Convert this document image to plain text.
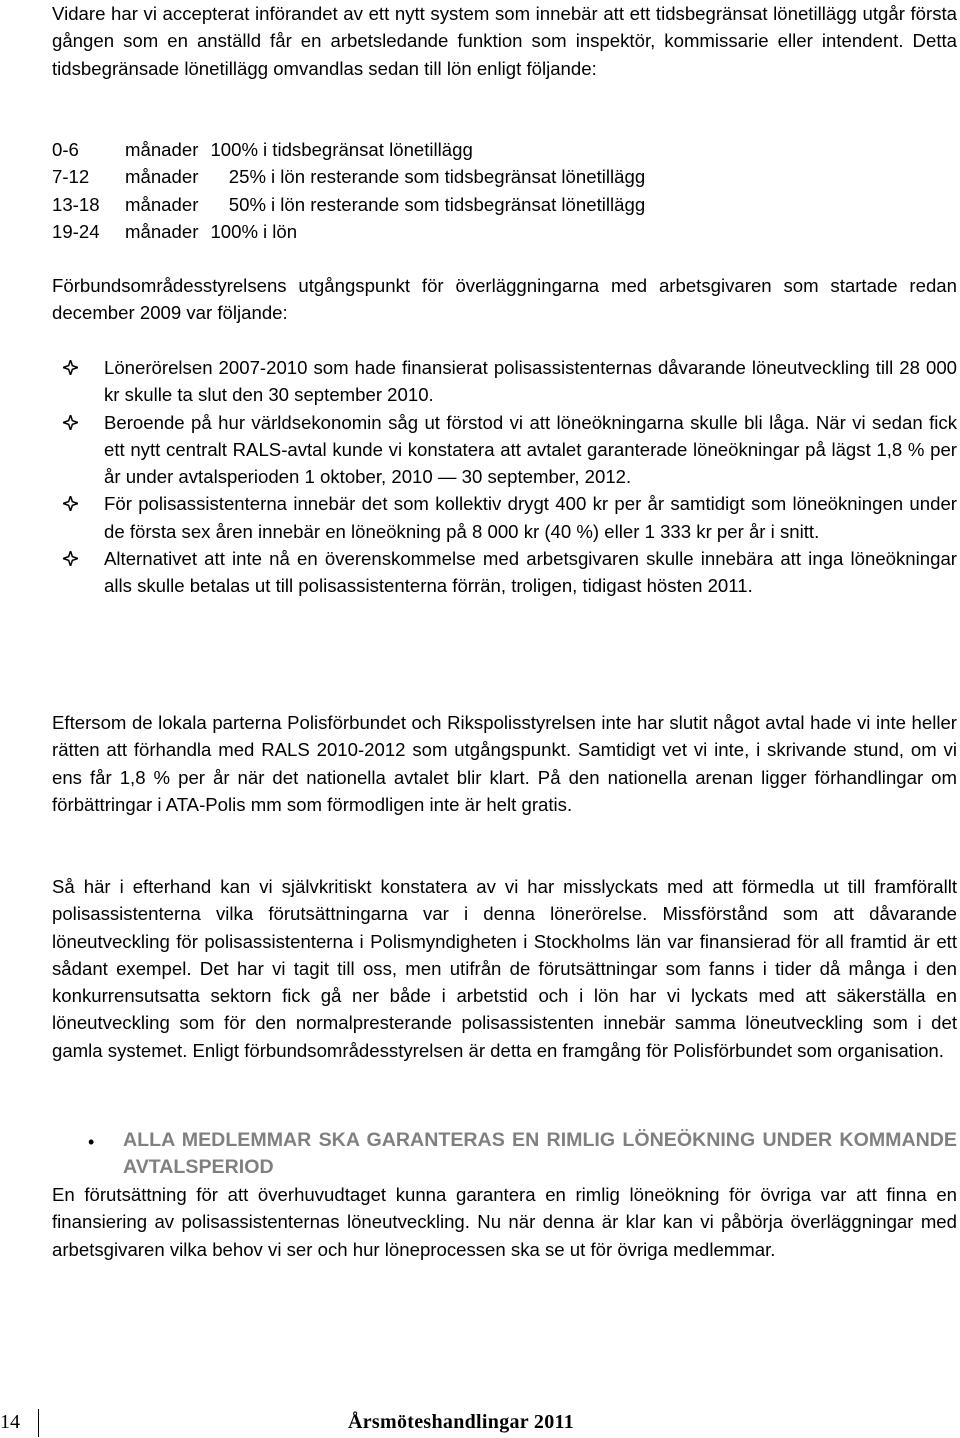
Vidare har vi accepterat införandet av ett nytt system som innebär att ett tidsbegränsat lönetillägg utgår första gången som en anställd får en arbetsledande funktion som inspektör, kommissarie eller intendent. Detta tidsbegränsade lönetillägg omvandlas sedan till lön enligt följande:

0-6	månader 100% i tidsbegränsat lönetillägg
7-12	månader	25% i lön resterande som tidsbegränsat lönetillägg
13-18	månader	50% i lön resterande som tidsbegränsat lönetillägg
19-24	månader 100% i lön

Förbundsområdesstyrelsens utgångspunkt för överläggningarna med arbetsgivaren som startade redan december 2009 var följande:

Lönerörelsen 2007-2010 som hade finansierat polisassistenternas dåvarande löneutveckling till 28 000 kr skulle ta slut den 30 september 2010.
Beroende på hur världsekonomin såg ut förstod vi att löneökningarna skulle bli låga. När vi sedan fick ett nytt centralt RALS-avtal kunde vi konstatera att avtalet garanterade löneökningar på lägst 1,8 % per år under avtalsperioden 1 oktober, 2010 — 30 september, 2012.
För polisassistenterna innebär det som kollektiv drygt 400 kr per år samtidigt som löneökningen under de första sex åren innebär en löneökning på 8 000 kr (40 %) eller 1 333 kr per år i snitt.
Alternativet att inte nå en överenskommelse med arbetsgivaren skulle innebära att inga löneökningar alls skulle betalas ut till polisassistenterna förrän, troligen, tidigast hösten 2011.

Eftersom de lokala parterna Polisförbundet och Rikspolisstyrelsen inte har slutit något avtal hade vi inte heller rätten att förhandla med RALS 2010-2012 som utgångspunkt. Samtidigt vet vi inte, i skrivande stund, om vi ens får 1,8 % per år när det nationella avtalet blir klart. På den nationella arenan ligger förhandlingar om förbättringar i ATA-Polis mm som förmodligen inte är helt gratis.

Så här i efterhand kan vi självkritiskt konstatera av vi har misslyckats med att förmedla ut till framförallt polisassistenterna vilka förutsättningarna var i denna lönerörelse. Missförstånd som att dåvarande löneutveckling för polisassistenterna i Polismyndigheten i Stockholms län var finansierad för all framtid är ett sådant exempel. Det har vi tagit till oss, men utifrån de förutsättningar som fanns i tider då många i den konkurrensutsatta sektorn fick gå ner både i arbetstid och i lön har vi lyckats med att säkerställa en löneutveckling som för den normalpresterande polisassistenten innebär samma löneutveckling som i det gamla systemet. Enligt förbundsområdesstyrelsen är detta en framgång för Polisförbundet som organisation.

• ALLA MEDLEMMAR SKA GARANTERAS EN RIMLIG LÖNEÖKNING UNDER KOMMANDE AVTALSPERIOD

En förutsättning för att överhuvudtaget kunna garantera en rimlig löneökning för övriga var att finna en finansiering av polisassistenternas löneutveckling. Nu när denna är klar kan vi påbörja överläggningar med arbetsgivaren vilka behov vi ser och hur löneprocessen ska se ut för övriga medlemmar.

14	Årsmöteshandlingar 2011
